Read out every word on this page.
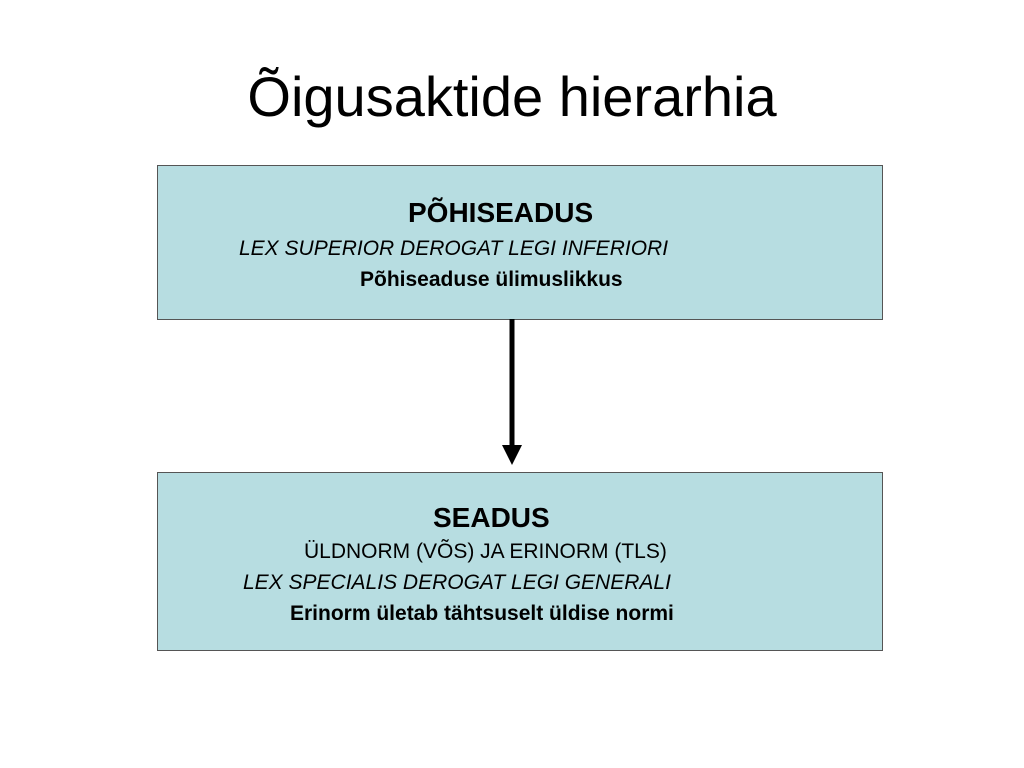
Õigusaktide hierarhia
PÕHISEADUS
LEX SUPERIOR DEROGAT LEGI INFERIORI
Põhiseaduse ülimuslikkus
SEADUS
ÜLDNORM (VÕS) JA ERINORM (TLS)
LEX SPECIALIS DEROGAT LEGI GENERALI
Erinorm ületab tähtsuselt üldise normi
